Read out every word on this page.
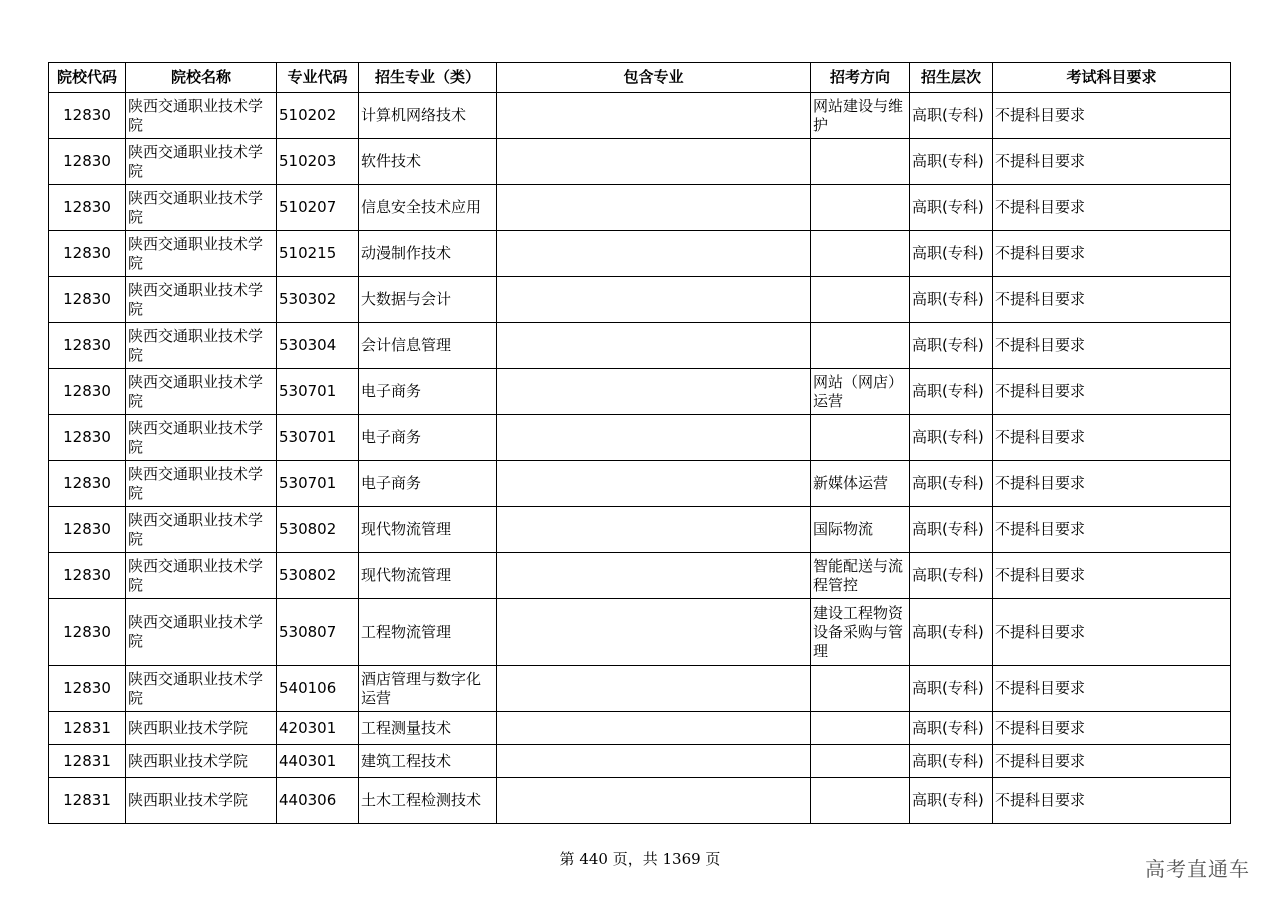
院校代码	院校名称	专业代码	招生专业（类）	包含专业	招考方向	招生层次	考试科目要求
12830	陕西交通职业技术学院	510202	计算机网络技术		网站建设与维护	高职(专科)	不提科目要求
12830	陕西交通职业技术学院	510203	软件技术			高职(专科)	不提科目要求
12830	陕西交通职业技术学院	510207	信息安全技术应用			高职(专科)	不提科目要求
12830	陕西交通职业技术学院	510215	动漫制作技术			高职(专科)	不提科目要求
12830	陕西交通职业技术学院	530302	大数据与会计			高职(专科)	不提科目要求
12830	陕西交通职业技术学院	530304	会计信息管理			高职(专科)	不提科目要求
12830	陕西交通职业技术学院	530701	电子商务		网站（网店）运营	高职(专科)	不提科目要求
12830	陕西交通职业技术学院	530701	电子商务			高职(专科)	不提科目要求
12830	陕西交通职业技术学院	530701	电子商务		新媒体运营	高职(专科)	不提科目要求
12830	陕西交通职业技术学院	530802	现代物流管理		国际物流	高职(专科)	不提科目要求
12830	陕西交通职业技术学院	530802	现代物流管理		智能配送与流程管控	高职(专科)	不提科目要求
12830	陕西交通职业技术学院	530807	工程物流管理		建设工程物资设备采购与管理	高职(专科)	不提科目要求
12830	陕西交通职业技术学院	540106	酒店管理与数字化运营			高职(专科)	不提科目要求
12831	陕西职业技术学院	420301	工程测量技术			高职(专科)	不提科目要求
12831	陕西职业技术学院	440301	建筑工程技术			高职(专科)	不提科目要求
12831	陕西职业技术学院	440306	土木工程检测技术			高职(专科)	不提科目要求
第 440 页，共 1369 页	高考直通车
